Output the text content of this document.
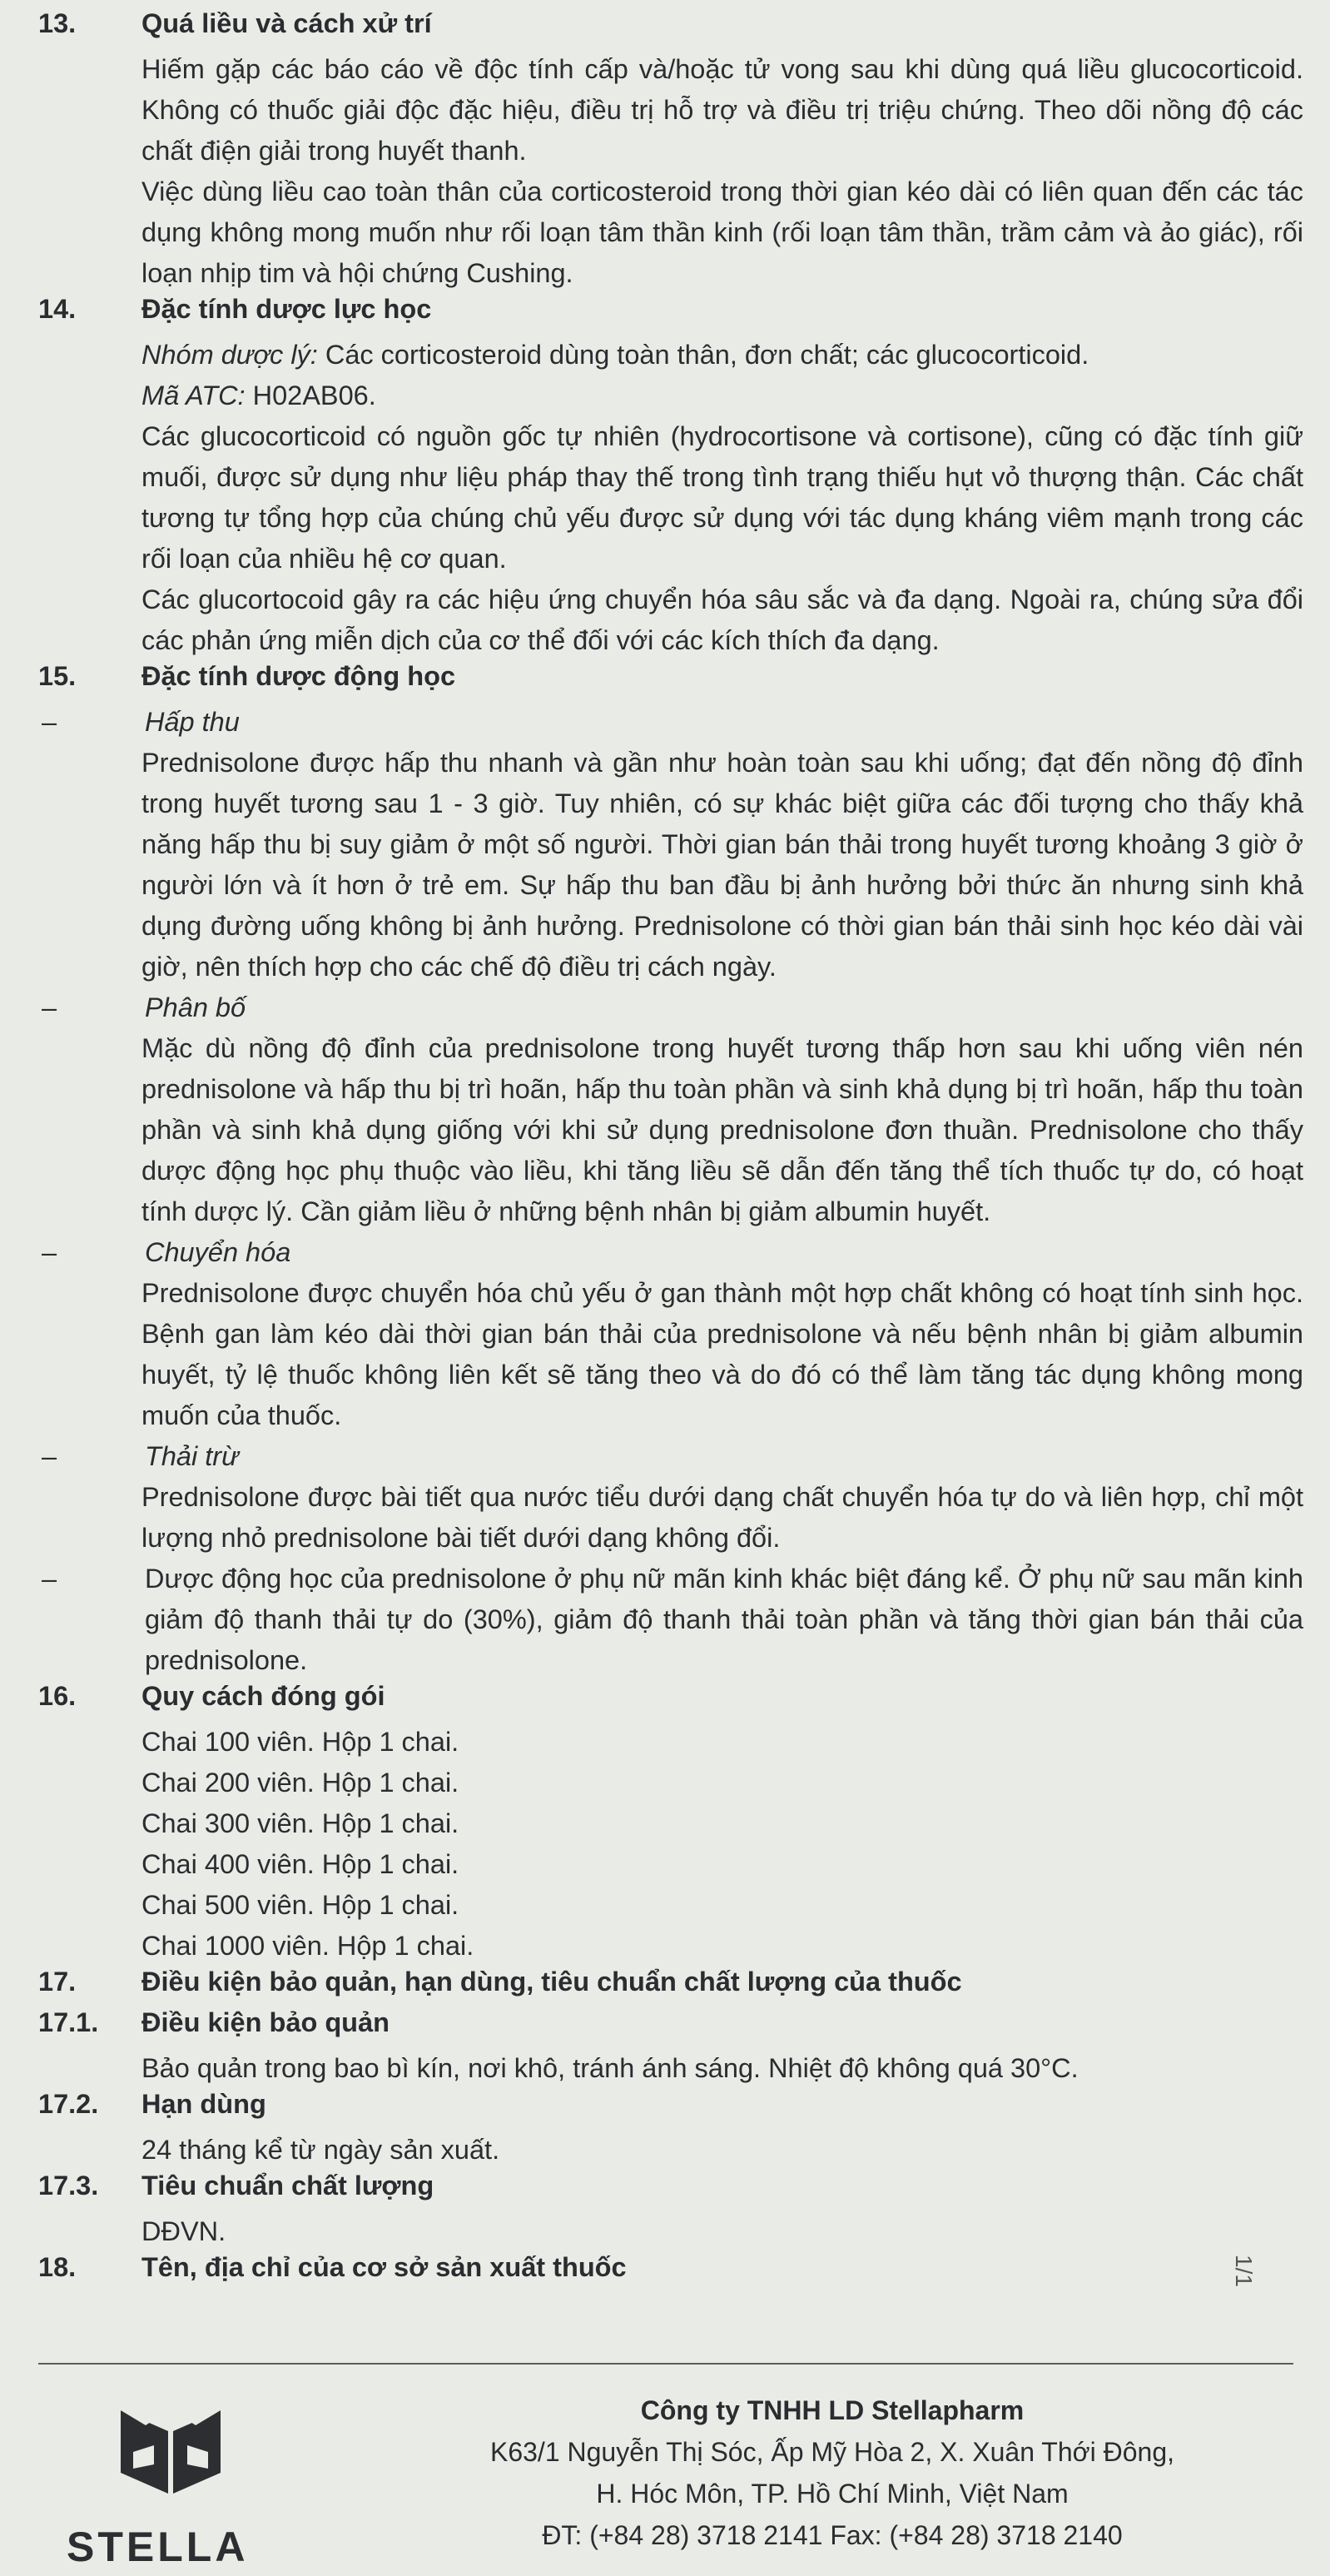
13.	Quá liều và cách xử trí

Hiếm gặp các báo cáo về độc tính cấp và/hoặc tử vong sau khi dùng quá liều glucocorticoid. Không có thuốc giải độc đặc hiệu, điều trị hỗ trợ và điều trị triệu chứng. Theo dõi nồng độ các chất điện giải trong huyết thanh.

Việc dùng liều cao toàn thân của corticosteroid trong thời gian kéo dài có liên quan đến các tác dụng không mong muốn như rối loạn tâm thần kinh (rối loạn tâm thần, trầm cảm và ảo giác), rối loạn nhịp tim và hội chứng Cushing.

14.	Đặc tính dược lực học

Nhóm dược lý: Các corticosteroid dùng toàn thân, đơn chất; các glucocorticoid.

Mã ATC: H02AB06.

Các glucocorticoid có nguồn gốc tự nhiên (hydrocortisone và cortisone), cũng có đặc tính giữ muối, được sử dụng như liệu pháp thay thế trong tình trạng thiếu hụt vỏ thượng thận. Các chất tương tự tổng hợp của chúng chủ yếu được sử dụng với tác dụng kháng viêm mạnh trong các rối loạn của nhiều hệ cơ quan.

Các glucortocoid gây ra các hiệu ứng chuyển hóa sâu sắc và đa dạng. Ngoài ra, chúng sửa đổi các phản ứng miễn dịch của cơ thể đối với các kích thích đa dạng.

15.	Đặc tính dược động học
–	Hấp thu
Prednisolone được hấp thu nhanh và gần như hoàn toàn sau khi uống; đạt đến nồng độ đỉnh trong huyết tương sau 1 - 3 giờ. Tuy nhiên, có sự khác biệt giữa các đối tượng cho thấy khả năng hấp thu bị suy giảm ở một số người. Thời gian bán thải trong huyết tương khoảng 3 giờ ở người lớn và ít hơn ở trẻ em. Sự hấp thu ban đầu bị ảnh hưởng bởi thức ăn nhưng sinh khả dụng đường uống không bị ảnh hưởng. Prednisolone có thời gian bán thải sinh học kéo dài vài giờ, nên thích hợp cho các chế độ điều trị cách ngày.
–	Phân bố
Mặc dù nồng độ đỉnh của prednisolone trong huyết tương thấp hơn sau khi uống viên nén prednisolone và hấp thu bị trì hoãn, hấp thu toàn phần và sinh khả dụng bị trì hoãn, hấp thu toàn phần và sinh khả dụng giống với khi sử dụng prednisolone đơn thuần. Prednisolone cho thấy dược động học phụ thuộc vào liều, khi tăng liều sẽ dẫn đến tăng thể tích thuốc tự do, có hoạt tính dược lý. Cần giảm liều ở những bệnh nhân bị giảm albumin huyết.
–	Chuyển hóa
Prednisolone được chuyển hóa chủ yếu ở gan thành một hợp chất không có hoạt tính sinh học. Bệnh gan làm kéo dài thời gian bán thải của prednisolone và nếu bệnh nhân bị giảm albumin huyết, tỷ lệ thuốc không liên kết sẽ tăng theo và do đó có thể làm tăng tác dụng không mong muốn của thuốc.
–	Thải trừ
Prednisolone được bài tiết qua nước tiểu dưới dạng chất chuyển hóa tự do và liên hợp, chỉ một lượng nhỏ prednisolone bài tiết dưới dạng không đổi.
–	Dược động học của prednisolone ở phụ nữ mãn kinh khác biệt đáng kể. Ở phụ nữ sau mãn kinh giảm độ thanh thải tự do (30%), giảm độ thanh thải toàn phần và tăng thời gian bán thải của prednisolone.
16.	Quy cách đóng gói
Chai 100 viên. Hộp 1 chai.
Chai 200 viên. Hộp 1 chai.
Chai 300 viên. Hộp 1 chai.
Chai 400 viên. Hộp 1 chai.
Chai 500 viên. Hộp 1 chai.
Chai 1000 viên. Hộp 1 chai.
17.	Điều kiện bảo quản, hạn dùng, tiêu chuẩn chất lượng của thuốc
17.1.	Điều kiện bảo quản
Bảo quản trong bao bì kín, nơi khô, tránh ánh sáng. Nhiệt độ không quá 30°C.
17.2.	Hạn dùng
24 tháng kể từ ngày sản xuất.
17.3.	Tiêu chuẩn chất lượng
DĐVN.
18.	Tên, địa chỉ của cơ sở sản xuất thuốc	1/1
STELLA
Công ty TNHH LD Stellapharm
K63/1 Nguyễn Thị Sóc, Ấp Mỹ Hòa 2, X. Xuân Thới Đông,
H. Hóc Môn, TP. Hồ Chí Minh, Việt Nam
ĐT: (+84 28) 3718 2141 Fax: (+84 28) 3718 2140
